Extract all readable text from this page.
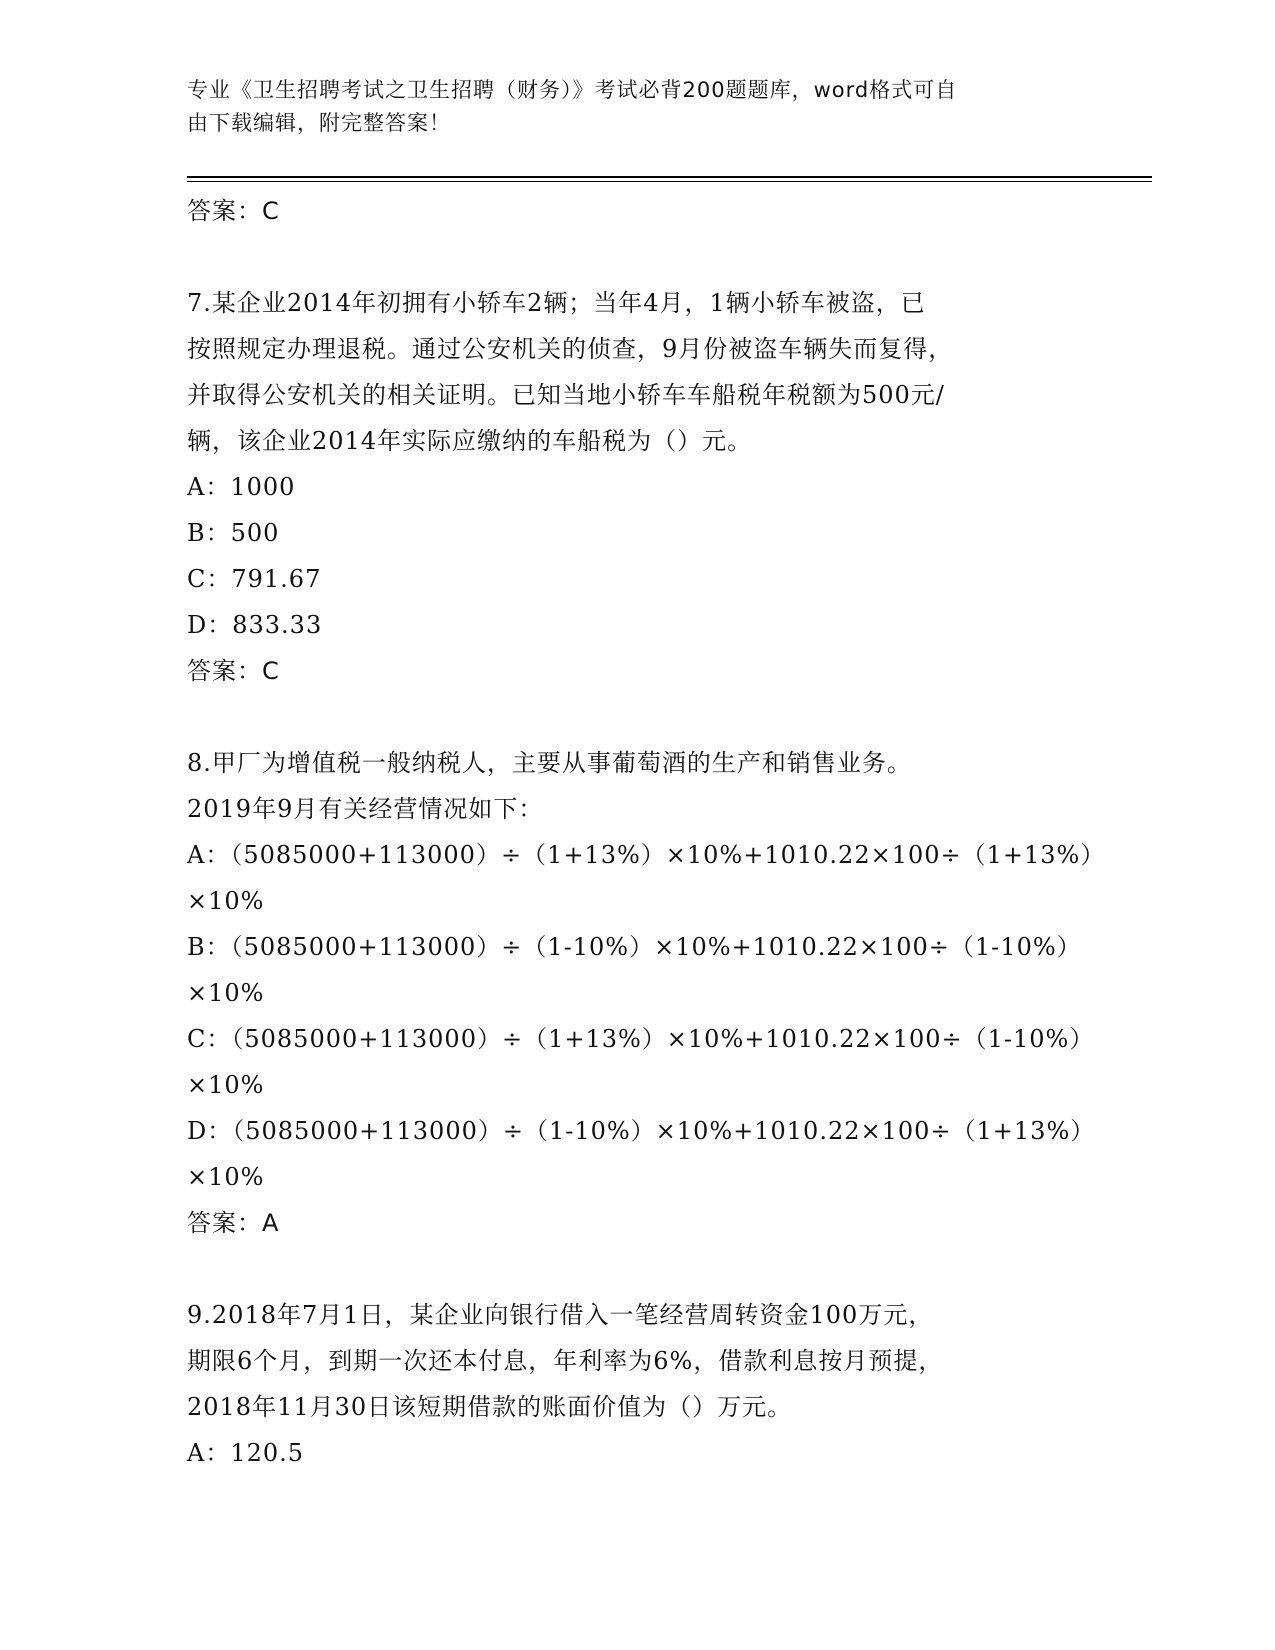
专业《卫生招聘考试之卫生招聘（财务）》考试必背200题题库，word格式可自
由下载编辑，附完整答案！

答案：C

7.某企业2014年初拥有小轿车2辆；当年4月，1辆小轿车被盗，已

按照规定办理退税。通过公安机关的侦查，9月份被盗车辆失而复得，

并取得公安机关的相关证明。已知当地小轿车车船税年税额为500元/

辆，该企业2014年实际应缴纳的车船税为（）元。

A：1000

B：500

C：791.67

D：833.33

答案：C

8.甲厂为增值税一般纳税人，主要从事葡萄酒的生产和销售业务。

2019年9月有关经营情况如下：

A：（5085000+113000）÷（1+13%）×10%+1010.22×100÷（1+13%）

×10%

B：（5085000+113000）÷（1-10%）×10%+1010.22×100÷（1-10%）

×10%

C：（5085000+113000）÷（1+13%）×10%+1010.22×100÷（1-10%）

×10%

D：（5085000+113000）÷（1-10%）×10%+1010.22×100÷（1+13%）

×10%

答案：A

9.2018年7月1日，某企业向银行借入一笔经营周转资金100万元，

期限6个月，到期一次还本付息，年利率为6%，借款利息按月预提，

2018年11月30日该短期借款的账面价值为（）万元。

A：120.5
